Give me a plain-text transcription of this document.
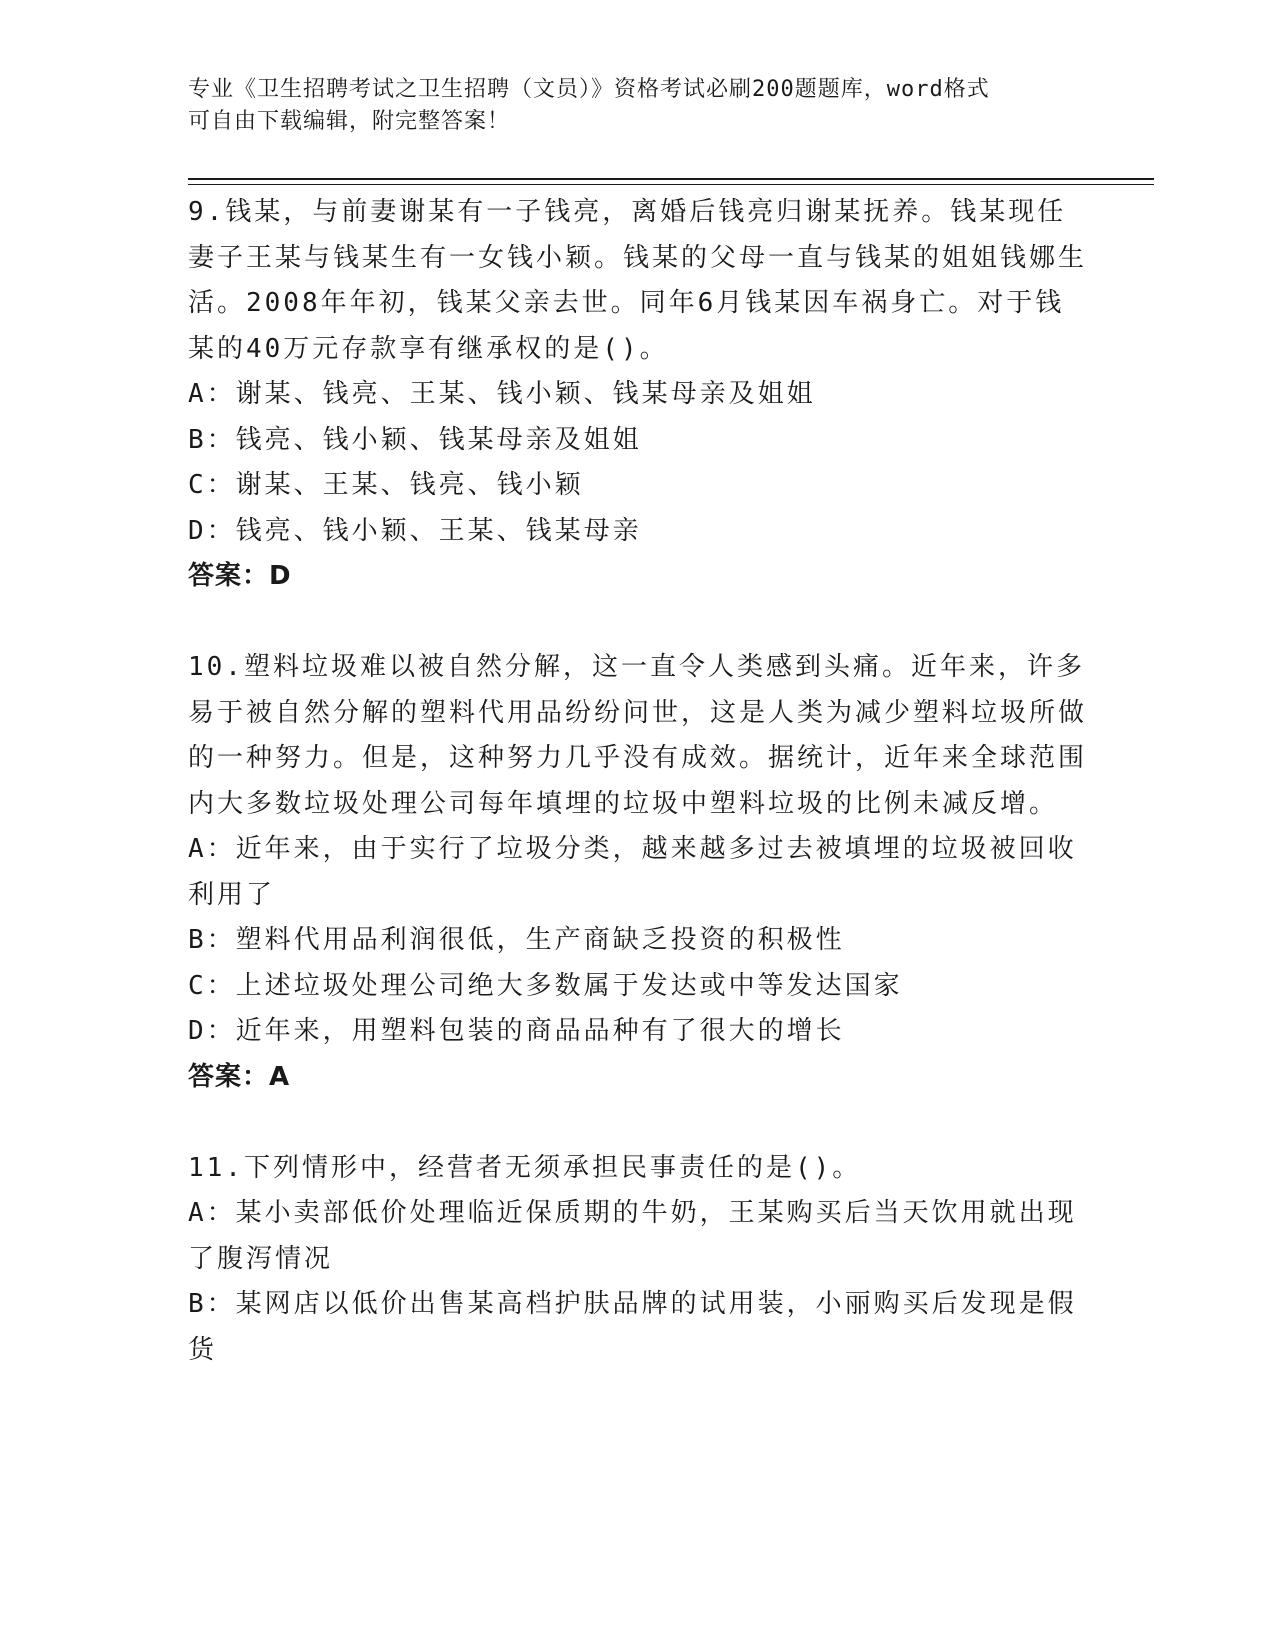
专业《卫生招聘考试之卫生招聘（文员）》资格考试必刷200题题库，word格式
可自由下载编辑，附完整答案！

9.钱某，与前妻谢某有一子钱亮，离婚后钱亮归谢某抚养。钱某现任妻子王某与钱某生有一女钱小颖。钱某的父母一直与钱某的姐姐钱娜生活。2008年年初，钱某父亲去世。同年6月钱某因车祸身亡。对于钱某的40万元存款享有继承权的是()。

A：谢某、钱亮、王某、钱小颖、钱某母亲及姐姐

B：钱亮、钱小颖、钱某母亲及姐姐

C：谢某、王某、钱亮、钱小颖

D：钱亮、钱小颖、王某、钱某母亲

答案：D

10.塑料垃圾难以被自然分解，这一直令人类感到头痛。近年来，许多易于被自然分解的塑料代用品纷纷问世，这是人类为减少塑料垃圾所做的一种努力。但是，这种努力几乎没有成效。据统计，近年来全球范围内大多数垃圾处理公司每年填埋的垃圾中塑料垃圾的比例未减反增。

A：近年来，由于实行了垃圾分类，越来越多过去被填埋的垃圾被回收利用了

B：塑料代用品利润很低，生产商缺乏投资的积极性

C：上述垃圾处理公司绝大多数属于发达或中等发达国家

D：近年来，用塑料包装的商品品种有了很大的增长

答案：A

11.下列情形中，经营者无须承担民事责任的是()。

A：某小卖部低价处理临近保质期的牛奶，王某购买后当天饮用就出现了腹泻情况

B：某网店以低价出售某高档护肤品牌的试用装，小丽购买后发现是假货
